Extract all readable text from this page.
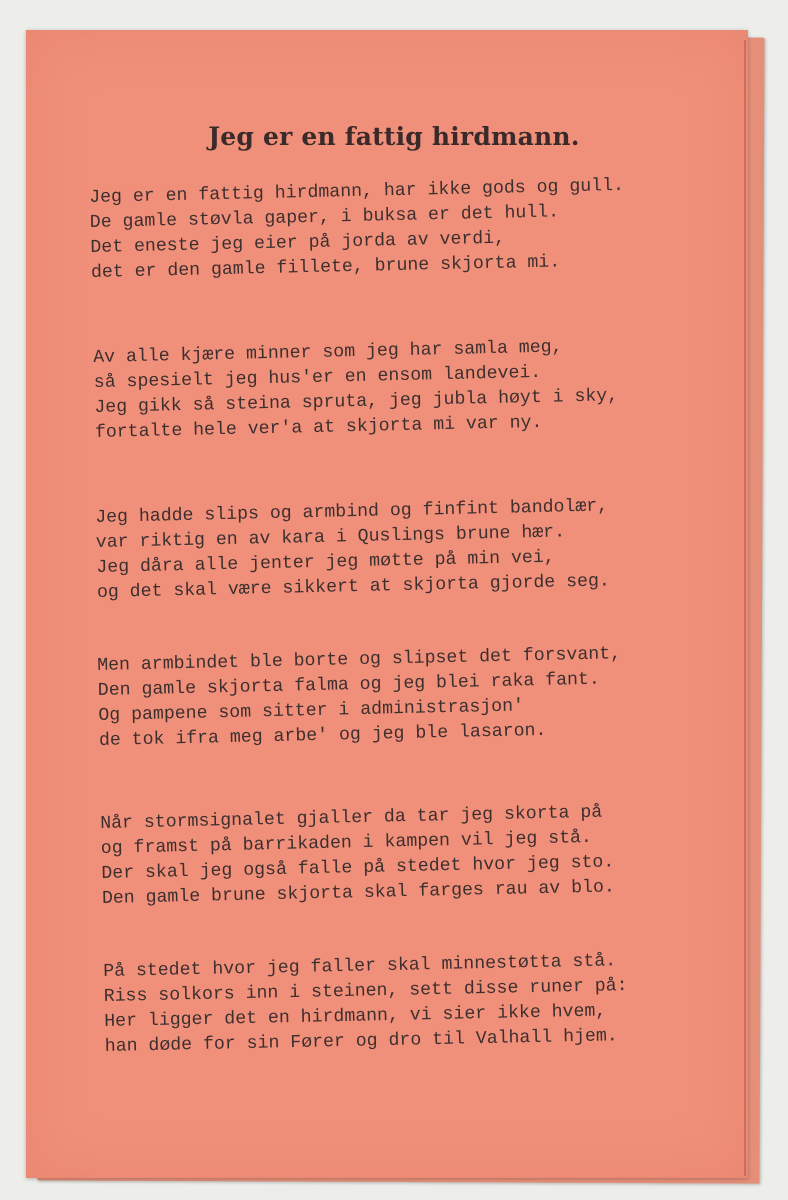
Jeg er en fattig hirdmann.
Jeg er en fattig hirdmann, har ikke gods og gull.
De gamle støvla gaper, i buksa er det hull.
Det eneste jeg eier på jorda av verdi,
det er den gamle fillete, brune skjorta mi.
Av alle kjære minner som jeg har samla meg,
så spesielt jeg hus'er en ensom landevei.
Jeg gikk så steina spruta, jeg jubla høyt i sky,
fortalte hele ver'a at skjorta mi var ny.
Jeg hadde slips og armbind og finfint bandolær,
var riktig en av kara i Quslings brune hær.
Jeg dåra alle jenter jeg møtte på min vei,
og det skal være sikkert at skjorta gjorde seg.
Men armbindet ble borte og slipset det forsvant,
Den gamle skjorta falma og jeg blei raka fant.
Og pampene som sitter i administrasjon'
de tok ifra meg arbe' og jeg ble lasaron.
Når stormsignalet gjaller da tar jeg skorta på
og framst på barrikaden i kampen vil jeg stå.
Der skal jeg også falle på stedet hvor jeg sto.
Den gamle brune skjorta skal farges rau av blo.
På stedet hvor jeg faller skal minnestøtta stå.
Riss solkors inn i steinen, sett disse runer på:
Her ligger det en hirdmann, vi sier ikke hvem,
han døde for sin Fører og dro til Valhall hjem.
